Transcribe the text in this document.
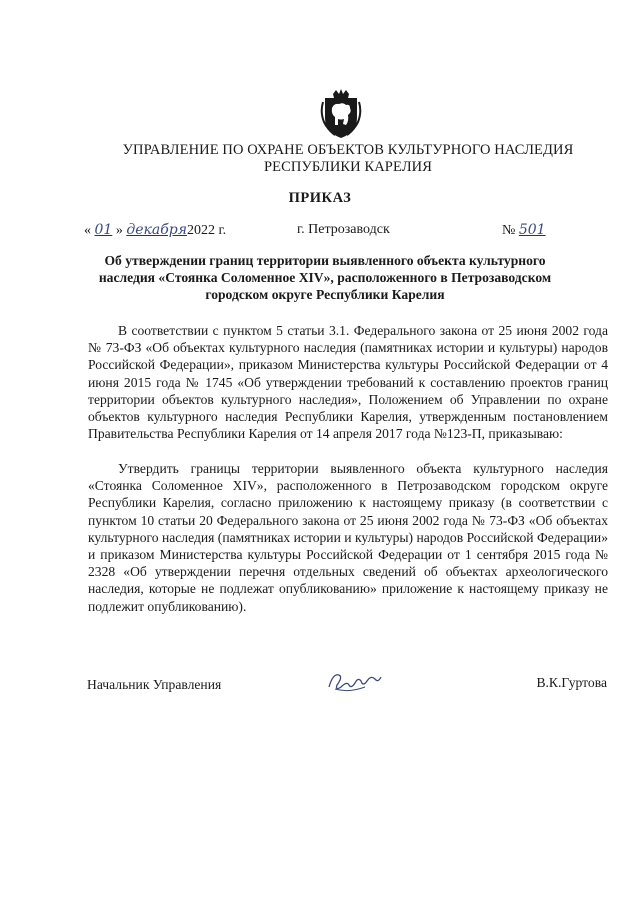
УПРАВЛЕНИЕ ПО ОХРАНЕ ОБЪЕКТОВ КУЛЬТУРНОГО НАСЛЕДИЯ
РЕСПУБЛИКИ КАРЕЛИЯ
ПРИКАЗ
« 01 » декабря2022 г.	г. Петрозаводск	№ 501
Об утверждении границ территории выявленного объекта культурного наследия «Стоянка Соломенное XIV», расположенного в Петрозаводском городском округе Республики Карелия

В соответствии с пунктом 5 статьи 3.1. Федерального закона от 25 июня 2002 года № 73-ФЗ «Об объектах культурного наследия (памятниках истории и культуры) народов Российской Федерации», приказом Министерства культуры Российской Федерации от 4 июня 2015 года № 1745 «Об утверждении требований к составлению проектов границ территории объектов культурного наследия», Положением об Управлении по охране объектов культурного наследия Республики Карелия, утвержденным постановлением Правительства Республики Карелия от 14 апреля 2017 года №123-П, приказываю:

Утвердить границы территории выявленного объекта культурного наследия «Стоянка Соломенное XIV», расположенного в Петрозаводском городском округе Республики Карелия, согласно приложению к настоящему приказу (в соответствии с пунктом 10 статьи 20 Федерального закона от 25 июня 2002 года № 73-ФЗ «Об объектах культурного наследия (памятниках истории и культуры) народов Российской Федерации» и приказом Министерства культуры Российской Федерации от 1 сентября 2015 года № 2328 «Об утверждении перечня отдельных сведений об объектах археологического наследия, которые не подлежат опубликованию» приложение к настоящему приказу не подлежит опубликованию).

Начальник Управления	В.К.Гуртова
